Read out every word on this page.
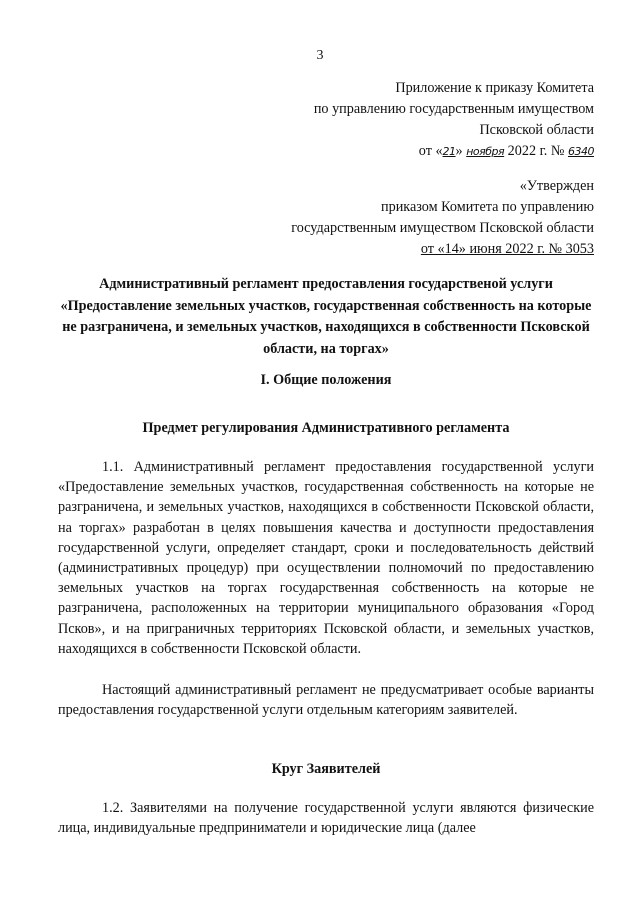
3
Приложение к приказу Комитета
по управлению государственным имуществом
Псковской области
от «21» ноября 2022 г. № 6340
«Утвержден
приказом Комитета по управлению
государственным имуществом Псковской области
от «14» июня 2022 г. № 3053
Административный регламент предоставления государственой услуги «Предоставление земельных участков, государственная собственность на которые не разграничена, и земельных участков, находящихся в собственности Псковской области, на торгах»
I. Общие положения
Предмет регулирования Административного регламента

1.1. Административный регламент предоставления государственной услуги «Предоставление земельных участков, государственная собственность на которые не разграничена, и земельных участков, находящихся в собственности Псковской области, на торгах» разработан в целях повышения качества и доступности предоставления государственной услуги, определяет стандарт, сроки и последовательность действий (административных процедур) при осуществлении полномочий по предоставлению земельных участков на торгах государственная собственность на которые не разграничена, расположенных на территории муниципального образования «Город Псков», и на приграничных территориях Псковской области, и земельных участков, находящихся в собственности Псковской области.

Настоящий административный регламент не предусматривает особые варианты предоставления государственной услуги отдельным категориям заявителей.

Круг Заявителей

1.2. Заявителями на получение государственной услуги являются физические лица, индивидуальные предприниматели и юридические лица (далее
